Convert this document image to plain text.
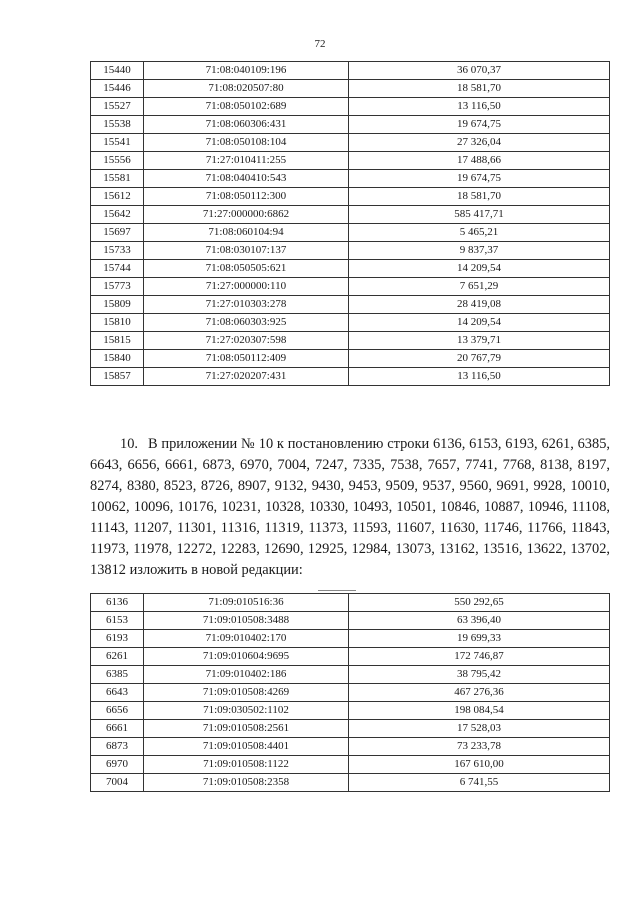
72
15440	71:08:040109:196	36 070,37
15446	71:08:020507:80	18 581,70
15527	71:08:050102:689	13 116,50
15538	71:08:060306:431	19 674,75
15541	71:08:050108:104	27 326,04
15556	71:27:010411:255	17 488,66
15581	71:08:040410:543	19 674,75
15612	71:08:050112:300	18 581,70
15642	71:27:000000:6862	585 417,71
15697	71:08:060104:94	5 465,21
15733	71:08:030107:137	9 837,37
15744	71:08:050505:621	14 209,54
15773	71:27:000000:110	7 651,29
15809	71:27:010303:278	28 419,08
15810	71:08:060303:925	14 209,54
15815	71:27:020307:598	13 379,71
15840	71:08:050112:409	20 767,79
15857	71:27:020207:431	13 116,50
10. В приложении № 10 к постановлению строки 6136, 6153, 6193, 6261, 6385, 6643, 6656, 6661, 6873, 6970, 7004, 7247, 7335, 7538, 7657, 7741, 7768, 8138, 8197, 8274, 8380, 8523, 8726, 8907, 9132, 9430, 9453, 9509, 9537, 9560, 9691, 9928, 10010, 10062, 10096, 10176, 10231, 10328, 10330, 10493, 10501, 10846, 10887, 10946, 11108, 11143, 11207, 11301, 11316, 11319, 11373, 11593, 11607, 11630, 11746, 11766, 11843, 11973, 11978, 12272, 12283, 12690, 12925, 12984, 13073, 13162, 13516, 13622, 13702, 13812 изложить в новой редакции:
6136	71:09:010516:36	550 292,65
6153	71:09:010508:3488	63 396,40
6193	71:09:010402:170	19 699,33
6261	71:09:010604:9695	172 746,87
6385	71:09:010402:186	38 795,42
6643	71:09:010508:4269	467 276,36
6656	71:09:030502:1102	198 084,54
6661	71:09:010508:2561	17 528,03
6873	71:09:010508:4401	73 233,78
6970	71:09:010508:1122	167 610,00
7004	71:09:010508:2358	6 741,55
